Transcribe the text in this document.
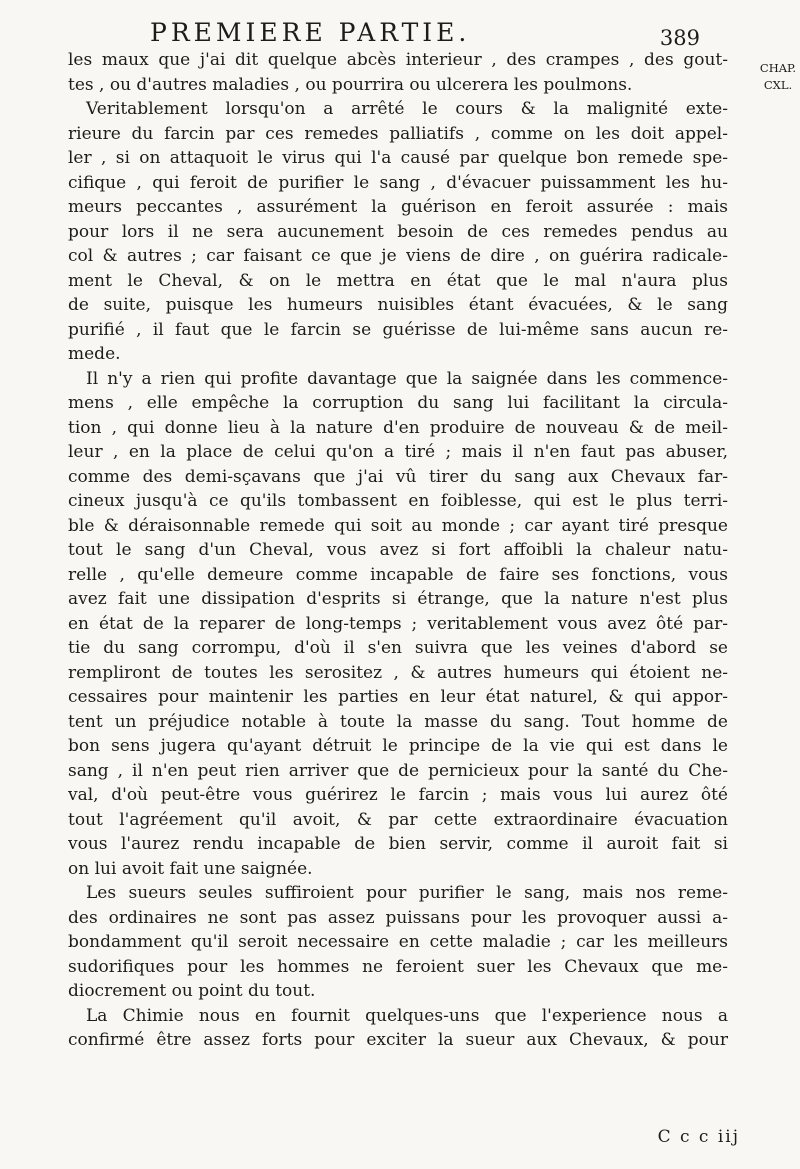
PREMIERE PARTIE.	389
CHAP.
CXL.
les maux que j'ai dit quelque abcès interieur , des crampes , des gout-
tes , ou d'autres maladies , ou pourrira ou ulcerera les poulmons.
Veritablement lorsqu'on a arrêté le cours & la malignité exte-
rieure du farcin par ces remedes palliatifs , comme on les doit appel-
ler , si on attaquoit le virus qui l'a causé par quelque bon remede spe-
cifique , qui feroit de purifier le sang , d'évacuer puissamment les hu-
meurs peccantes , assurément la guérison en feroit assurée : mais
pour lors il ne sera aucunement besoin de ces remedes pendus au
col & autres ; car faisant ce que je viens de dire , on guérira radicale-
ment le Cheval, & on le mettra en état que le mal n'aura plus
de suite, puisque les humeurs nuisibles étant évacuées, & le sang
purifié , il faut que le farcin se guérisse de lui-même sans aucun re-
mede.
Il n'y a rien qui profite davantage que la saignée dans les commence-
mens , elle empêche la corruption du sang lui facilitant la circula-
tion , qui donne lieu à la nature d'en produire de nouveau & de meil-
leur , en la place de celui qu'on a tiré ; mais il n'en faut pas abuser,
comme des demi-sçavans que j'ai vû tirer du sang aux Chevaux far-
cineux jusqu'à ce qu'ils tombassent en foiblesse, qui est le plus terri-
ble & déraisonnable remede qui soit au monde ; car ayant tiré presque
tout le sang d'un Cheval, vous avez si fort affoibli la chaleur natu-
relle , qu'elle demeure comme incapable de faire ses fonctions, vous
avez fait une dissipation d'esprits si étrange, que la nature n'est plus
en état de la reparer de long-temps ; veritablement vous avez ôté par-
tie du sang corrompu, d'où il s'en suivra que les veines d'abord se
rempliront de toutes les serositez , & autres humeurs qui étoient ne-
cessaires pour maintenir les parties en leur état naturel, & qui appor-
tent un préjudice notable à toute la masse du sang. Tout homme de
bon sens jugera qu'ayant détruit le principe de la vie qui est dans le
sang , il n'en peut rien arriver que de pernicieux pour la santé du Che-
val, d'où peut-être vous guérirez le farcin ; mais vous lui aurez ôté
tout l'agréement qu'il avoit, & par cette extraordinaire évacuation
vous l'aurez rendu incapable de bien servir, comme il auroit fait si
on lui avoit fait une saignée.
Les sueurs seules suffiroient pour purifier le sang, mais nos reme-
des ordinaires ne sont pas assez puissans pour les provoquer aussi a-
bondamment qu'il seroit necessaire en cette maladie ; car les meilleurs
sudorifiques pour les hommes ne feroient suer les Chevaux que me-
diocrement ou point du tout.
La Chimie nous en fournit quelques-uns que l'experience nous a
confirmé être assez forts pour exciter la sueur aux Chevaux, & pour
C c c iij
